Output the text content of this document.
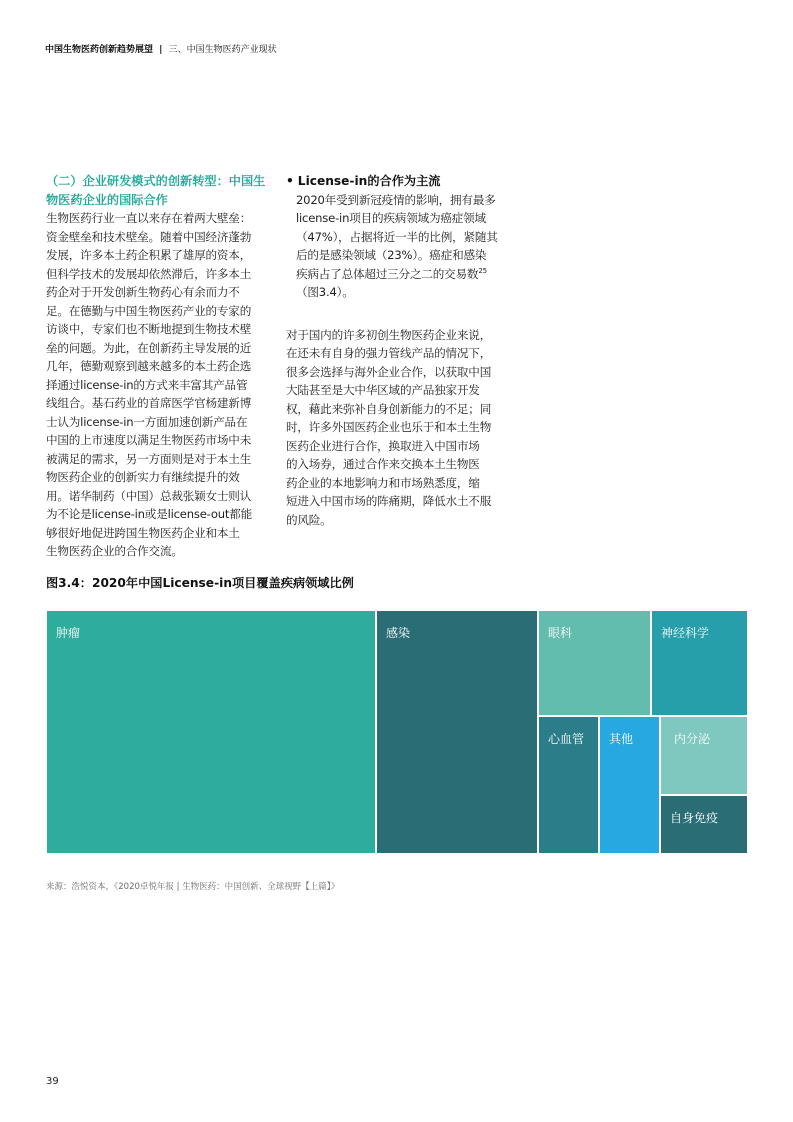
中国生物医药创新趋势展望 | 三、中国生物医药产业现状

（二）企业研发模式的创新转型：中国生

物医药企业的国际合作

生物医药行业一直以来存在着两大壁垒：

资金壁垒和技术壁垒。随着中国经济蓬勃

发展，许多本土药企积累了雄厚的资本，

但科学技术的发展却依然滞后，许多本土

药企对于开发创新生物药心有余而力不

足。在德勤与中国生物医药产业的专家的

访谈中，专家们也不断地提到生物技术壁

垒的问题。为此，在创新药主导发展的近

几年，德勤观察到越来越多的本土药企选

择通过license-in的方式来丰富其产品管

线组合。基石药业的首席医学官杨建新博

士认为license-in一方面加速创新产品在

中国的上市速度以满足生物医药市场中未

被满足的需求，另一方面则是对于本土生

物医药企业的创新实力有继续提升的效

用。诺华制药（中国）总裁张颖女士则认

为不论是license-in或是license-out都能

够很好地促进跨国生物医药企业和本土

生物医药企业的合作交流。

• License-in的合作为主流

2020年受到新冠疫情的影响，拥有最多

license-in项目的疾病领域为癌症领域

（47%），占据将近一半的比例，紧随其

后的是感染领域（23%）。癌症和感染

疾病占了总体超过三分之二的交易数$^{25}$

（图3.4）。

对于国内的许多初创生物医药企业来说，

在还未有自身的强力管线产品的情况下，

很多会选择与海外企业合作，以获取中国

大陆甚至是大中华区域的产品独家开发

权，藉此来弥补自身创新能力的不足；同

时，许多外国医药企业也乐于和本土生物

医药企业进行合作，换取进入中国市场

的入场券，通过合作来交换本土生物医

药企业的本地影响力和市场熟悉度，缩

短进入中国市场的阵痛期，降低水土不服

的风险。

图3.4：2020年中国License-in项目覆盖疾病领域比例
肿瘤	感染	眼科	神经科学
心血管 其他	内分泌
自身免疫
来源：浩悦资本，《2020卓悦年报 | 生物医药：中国创新、全球视野【上篇】》
39
